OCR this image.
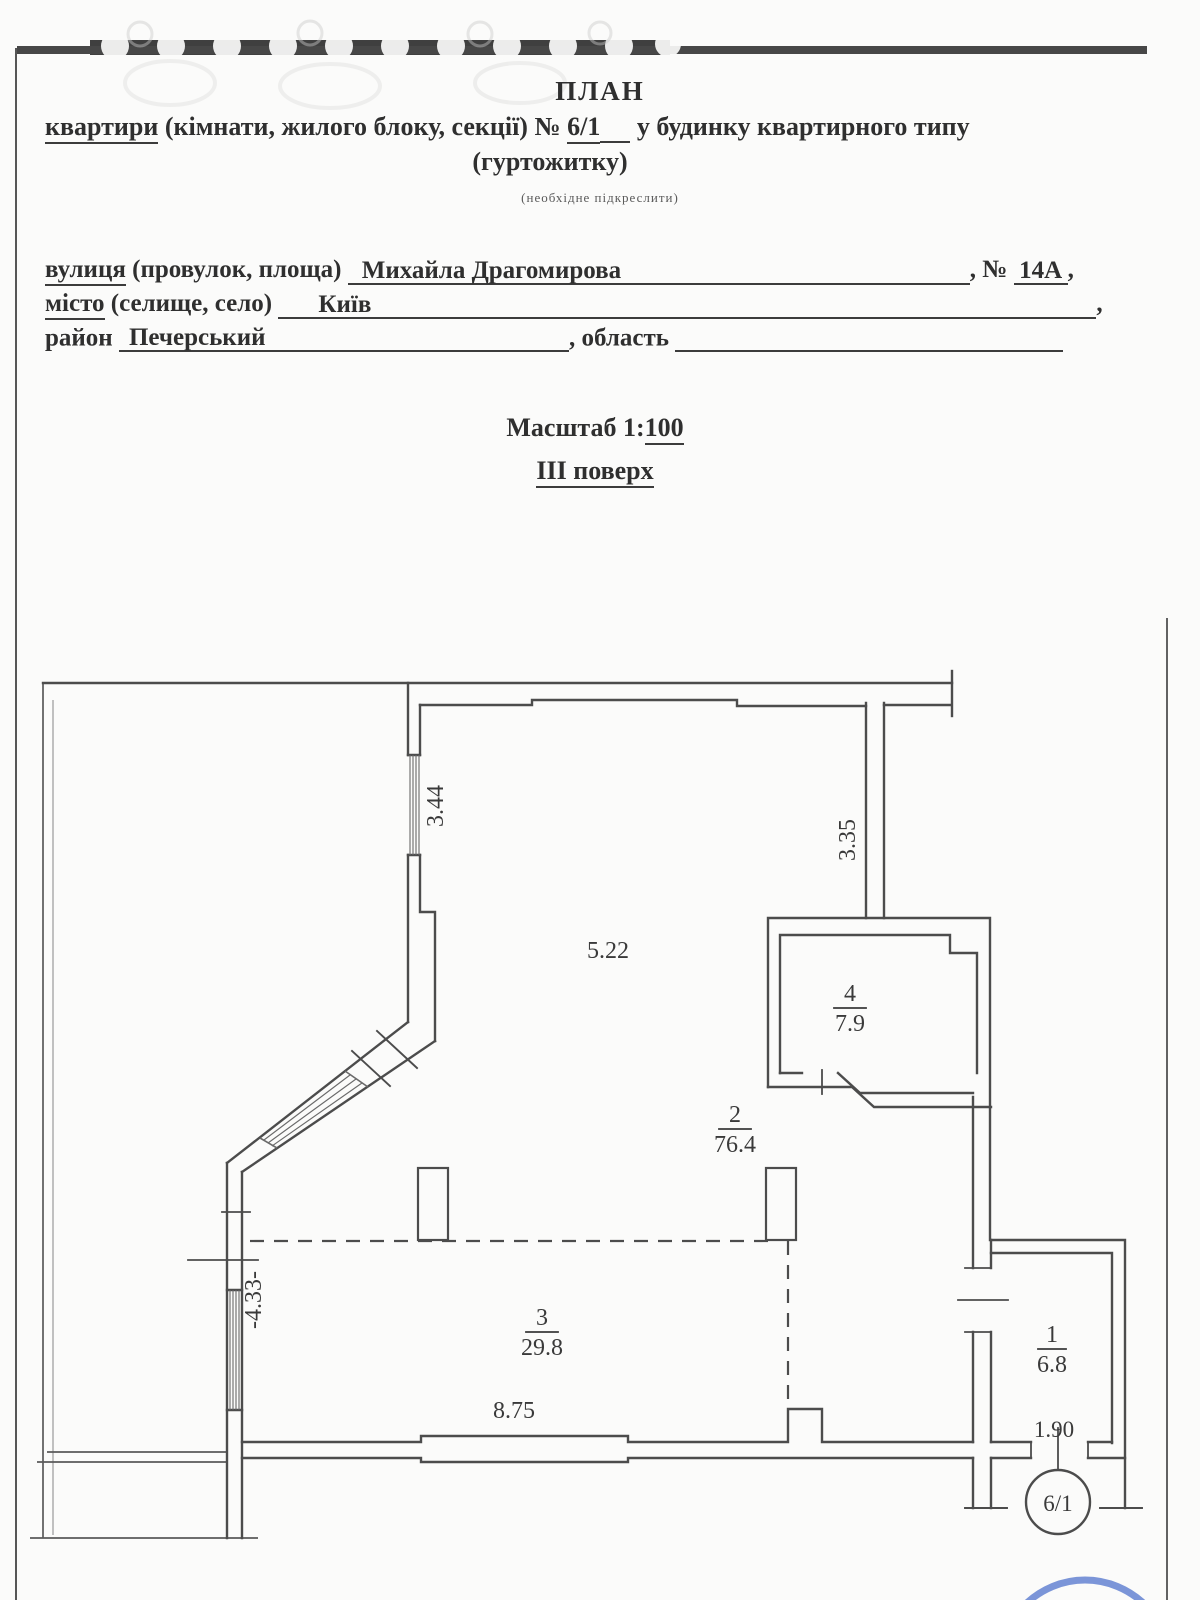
6/1
3.44
3.35
5.22
-4.33-
8.75
1.90
2
76.4
4
7.9
3
29.8	1
6.8
ПЛАН
квартири (кімнати, жилого блоку, секції) № 6/1 у будинку квартирного типу
(гуртожитку)
(необхідне підкреслити)
вулиця (провулок, площа) Михайла Драгомирова	, № 14А ,
місто (селище, село) Київ	,
район Печерський	, область
Масштаб 1:100
ІІІ поверх
